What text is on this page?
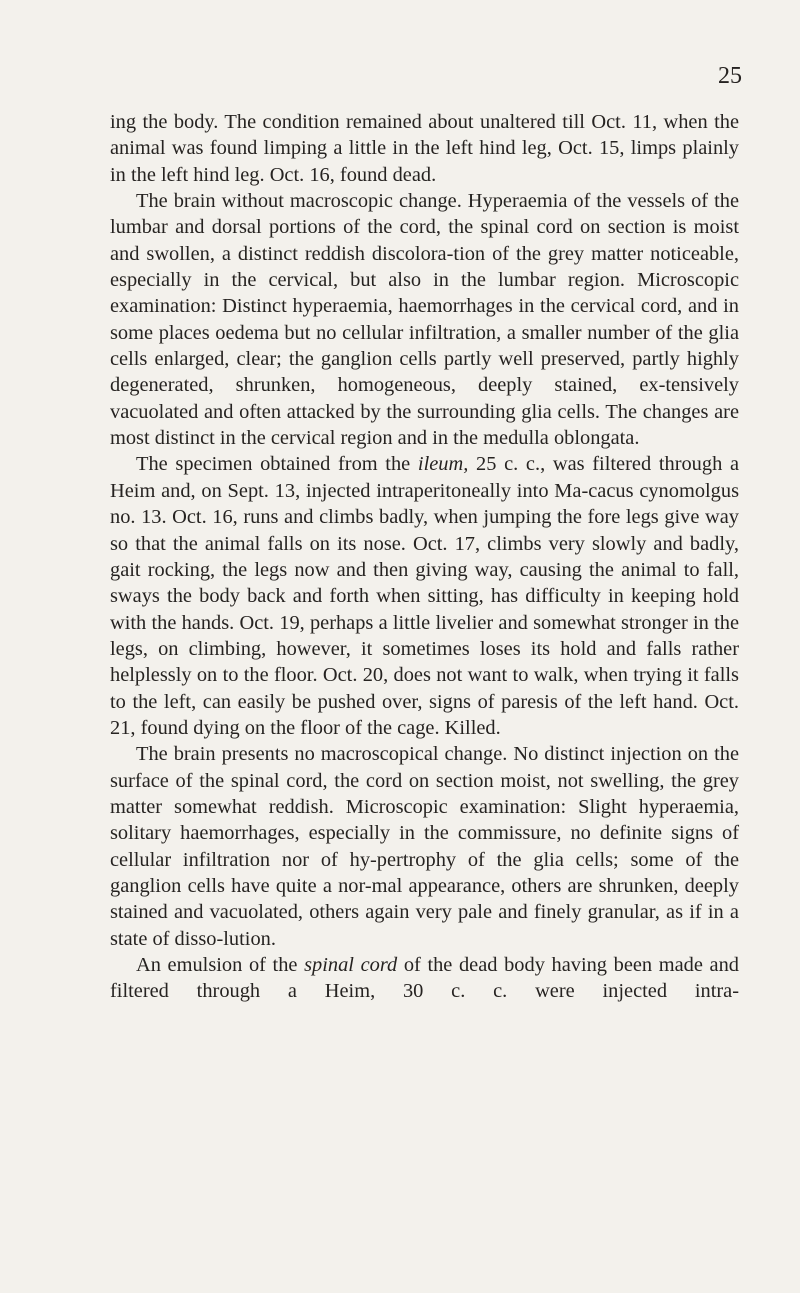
25

ing the body. The condition remained about unaltered till Oct. 11, when the animal was found limping a little in the left hind leg, Oct. 15, limps plainly in the left hind leg. Oct. 16, found dead.

The brain without macroscopic change. Hyperaemia of the vessels of the lumbar and dorsal portions of the cord, the spinal cord on section is moist and swollen, a distinct reddish discolora-tion of the grey matter noticeable, especially in the cervical, but also in the lumbar region. Microscopic examination: Distinct hyperaemia, haemorrhages in the cervical cord, and in some places oedema but no cellular infiltration, a smaller number of the glia cells enlarged, clear; the ganglion cells partly well preserved, partly highly degenerated, shrunken, homogeneous, deeply stained, ex-tensively vacuolated and often attacked by the surrounding glia cells. The changes are most distinct in the cervical region and in the medulla oblongata.

The specimen obtained from the ileum, 25 c. c., was filtered through a Heim and, on Sept. 13, injected intraperitoneally into Ma-cacus cynomolgus no. 13. Oct. 16, runs and climbs badly, when jumping the fore legs give way so that the animal falls on its nose. Oct. 17, climbs very slowly and badly, gait rocking, the legs now and then giving way, causing the animal to fall, sways the body back and forth when sitting, has difficulty in keeping hold with the hands. Oct. 19, perhaps a little livelier and somewhat stronger in the legs, on climbing, however, it sometimes loses its hold and falls rather helplessly on to the floor. Oct. 20, does not want to walk, when trying it falls to the left, can easily be pushed over, signs of paresis of the left hand. Oct. 21, found dying on the floor of the cage. Killed.

The brain presents no macroscopical change. No distinct injection on the surface of the spinal cord, the cord on section moist, not swelling, the grey matter somewhat reddish. Microscopic examination: Slight hyperaemia, solitary haemorrhages, especially in the commissure, no definite signs of cellular infiltration nor of hy-pertrophy of the glia cells; some of the ganglion cells have quite a nor-mal appearance, others are shrunken, deeply stained and vacuolated, others again very pale and finely granular, as if in a state of disso-lution.

An emulsion of the spinal cord of the dead body having been made and filtered through a Heim, 30 c. c. were injected intra-
